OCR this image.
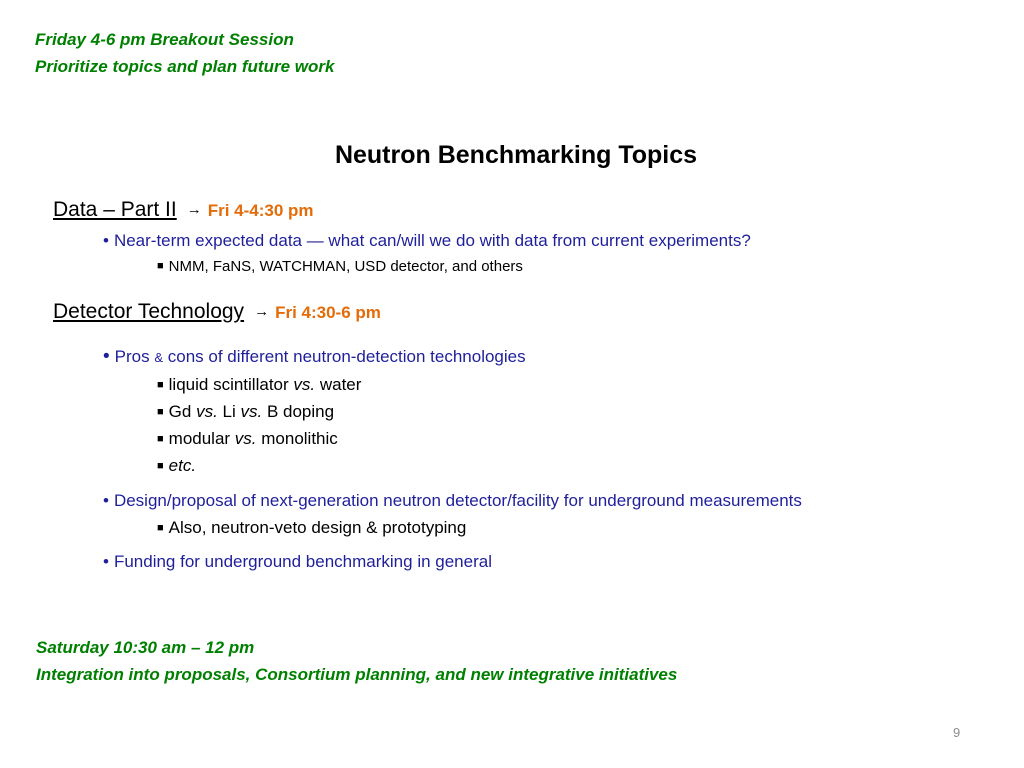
Friday 4-6 pm Breakout Session
Prioritize topics and plan future work
Neutron Benchmarking Topics
Data – Part II → Fri 4-4:30 pm
• Near-term expected data — what can/will we do with data from current experiments?
■ NMM, FaNS, WATCHMAN, USD detector, and others
Detector Technology → Fri 4:30-6 pm
• Pros & cons of different neutron-detection technologies
■ liquid scintillator vs. water
■ Gd vs. Li vs. B doping
■ modular vs. monolithic
■ etc.
• Design/proposal of next-generation neutron detector/facility for underground measurements
■ Also, neutron-veto design & prototyping
• Funding for underground benchmarking in general
Saturday 10:30 am – 12 pm
Integration into proposals, Consortium planning, and new integrative initiatives
9
